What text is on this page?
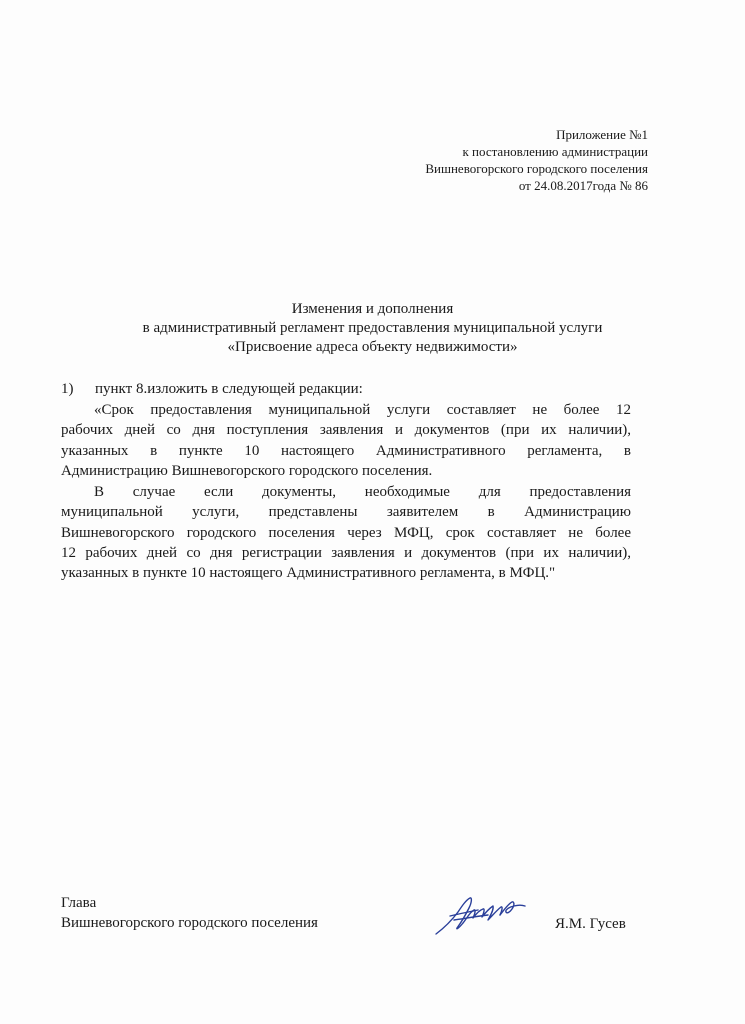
Приложение №1
к постановлению администрации
Вишневогорского городского поселения
от 24.08.2017года № 86
Изменения и дополнения
в административный регламент предоставления муниципальной услуги
«Присвоение адреса объекту недвижимости»
1) пункт 8.изложить в следующей редакции:
«Срок предоставления муниципальной услуги составляет не более 12
рабочих дней со дня поступления заявления и документов (при их наличии),
указанных в пункте 10 настоящего Административного регламента, в
Администрацию Вишневогорского городского поселения.
В случае если документы, необходимые для предоставления
муниципальной услуги, представлены заявителем в Администрацию
Вишневогорского городского поселения через МФЦ, срок составляет не более
12 рабочих дней со дня регистрации заявления и документов (при их наличии),
указанных в пункте 10 настоящего Административного регламента, в МФЦ."
Глава
Вишневогорского городского поселения	Я.М. Гусев
